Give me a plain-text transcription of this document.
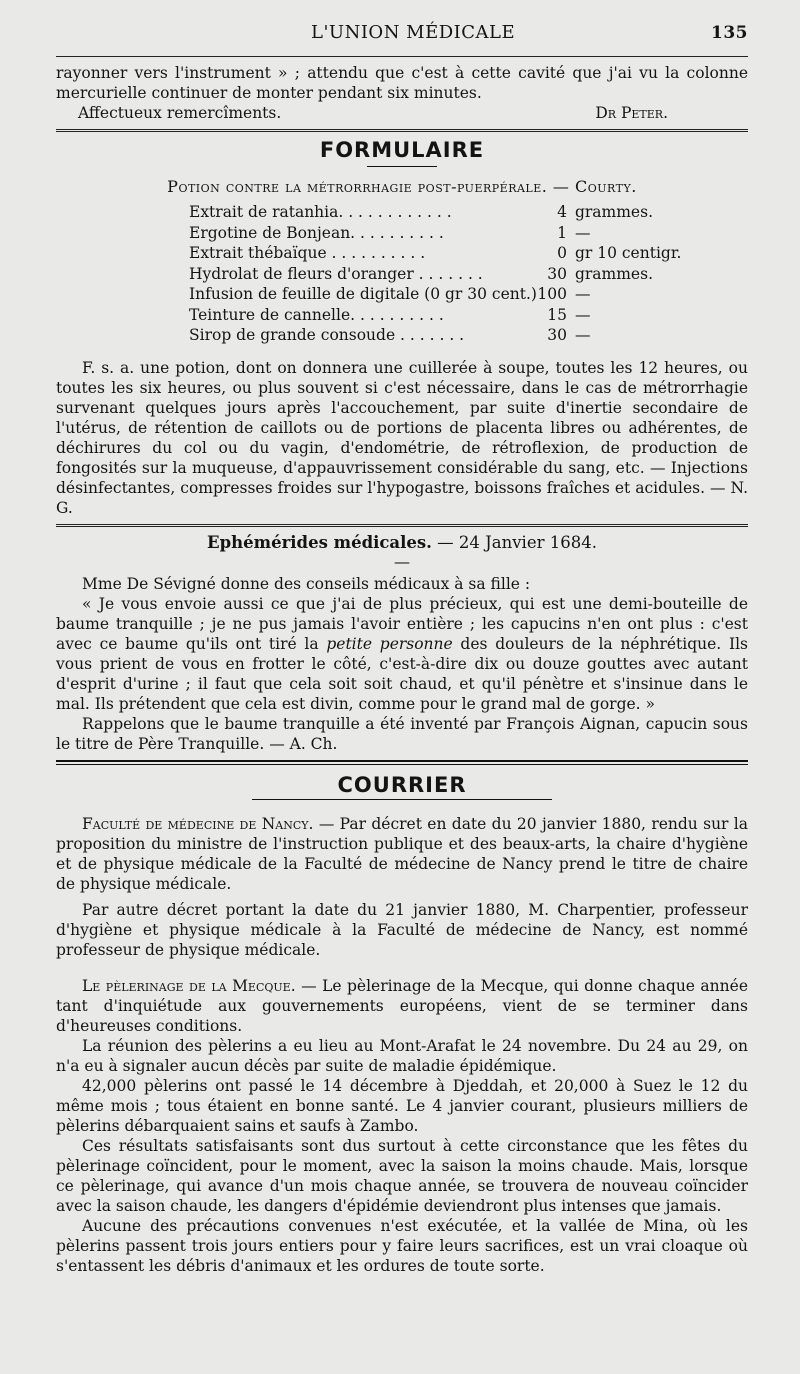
L'UNION MÉDICALE	135

rayonner vers l'instrument » ; attendu que c'est à cette cavité que j'ai vu la colonne mercurielle continuer de monter pendant six minutes.

Affectueux remercîments.	Dr Peter.
FORMULAIRE
Potion contre la métrorrhagie post-puerpérale. — Courty.
Extrait de ratanhia. . . . . . . . . . . .	4	grammes.
Ergotine de Bonjean. . . . . . . . . .	1	—
Extrait thébaïque . . . . . . . . . .	0	gr 10 centigr.
Hydrolat de fleurs d'oranger . . . . . . .	30	grammes.
Infusion de feuille de digitale (0 gr 30 cent.)	100	—
Teinture de cannelle. . . . . . . . . .	15	—
Sirop de grande consoude . . . . . . .	30	—

F. s. a. une potion, dont on donnera une cuillerée à soupe, toutes les 12 heures, ou toutes les six heures, ou plus souvent si c'est nécessaire, dans le cas de métrorrhagie survenant quelques jours après l'accouchement, par suite d'inertie secondaire de l'utérus, de rétention de caillots ou de portions de placenta libres ou adhérentes, de déchirures du col ou du vagin, d'endométrie, de rétroflexion, de production de fongosités sur la muqueuse, d'appauvrissement considérable du sang, etc. — Injections désinfectantes, compresses froides sur l'hypogastre, boissons fraîches et acidules. — N. G.

Ephémérides médicales. — 24 Janvier 1684.
—

Mme De Sévigné donne des conseils médicaux à sa fille :

« Je vous envoie aussi ce que j'ai de plus précieux, qui est une demi-bouteille de baume tranquille ; je ne pus jamais l'avoir entière ; les capucins n'en ont plus : c'est avec ce baume qu'ils ont tiré la petite personne des douleurs de la néphrétique. Ils vous prient de vous en frotter le côté, c'est-à-dire dix ou douze gouttes avec autant d'esprit d'urine ; il faut que cela soit soit chaud, et qu'il pénètre et s'insinue dans le mal. Ils prétendent que cela est divin, comme pour le grand mal de gorge. »

Rappelons que le baume tranquille a été inventé par François Aignan, capucin sous le titre de Père Tranquille. — A. Ch.

COURRIER

Faculté de médecine de Nancy. — Par décret en date du 20 janvier 1880, rendu sur la proposition du ministre de l'instruction publique et des beaux-arts, la chaire d'hygiène et de physique médicale de la Faculté de médecine de Nancy prend le titre de chaire de physique médicale.

Par autre décret portant la date du 21 janvier 1880, M. Charpentier, professeur d'hygiène et physique médicale à la Faculté de médecine de Nancy, est nommé professeur de physique médicale.

Le pèlerinage de la Mecque. — Le pèlerinage de la Mecque, qui donne chaque année tant d'inquiétude aux gouvernements européens, vient de se terminer dans d'heureuses conditions.

La réunion des pèlerins a eu lieu au Mont-Arafat le 24 novembre. Du 24 au 29, on n'a eu à signaler aucun décès par suite de maladie épidémique.

42,000 pèlerins ont passé le 14 décembre à Djeddah, et 20,000 à Suez le 12 du même mois ; tous étaient en bonne santé. Le 4 janvier courant, plusieurs milliers de pèlerins débarquaient sains et saufs à Zambo.

Ces résultats satisfaisants sont dus surtout à cette circonstance que les fêtes du pèlerinage coïncident, pour le moment, avec la saison la moins chaude. Mais, lorsque ce pèlerinage, qui avance d'un mois chaque année, se trouvera de nouveau coïncider avec la saison chaude, les dangers d'épidémie deviendront plus intenses que jamais.

Aucune des précautions convenues n'est exécutée, et la vallée de Mina, où les pèlerins passent trois jours entiers pour y faire leurs sacrifices, est un vrai cloaque où s'entassent les débris d'animaux et les ordures de toute sorte.
